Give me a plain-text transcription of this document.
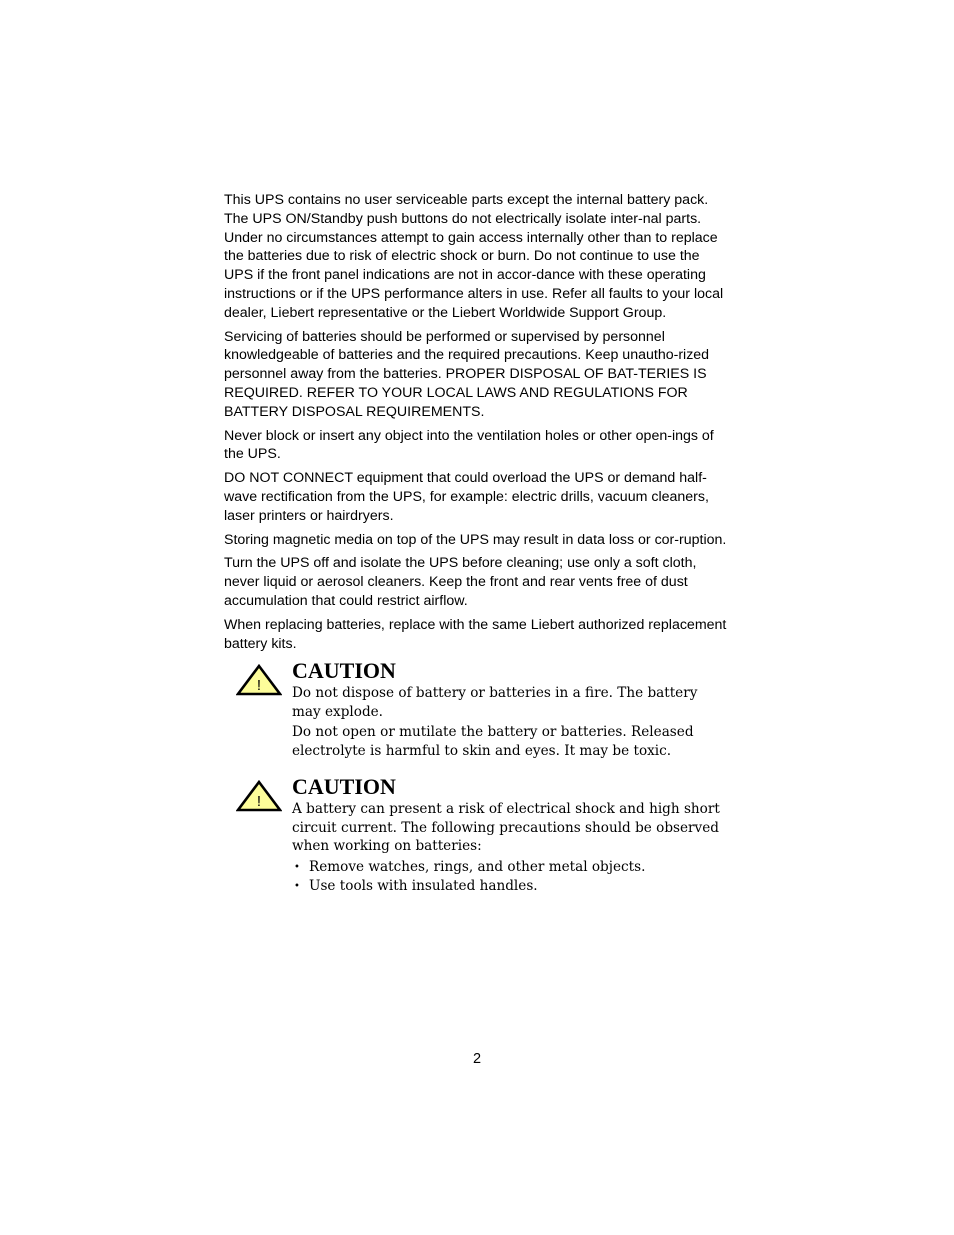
This UPS contains no user serviceable parts except the internal battery pack. The UPS ON/Standby push buttons do not electrically isolate inter-nal parts. Under no circumstances attempt to gain access internally other than to replace the batteries due to risk of electric shock or burn. Do not continue to use the UPS if the front panel indications are not in accor-dance with these operating instructions or if the UPS performance alters in use. Refer all faults to your local dealer, Liebert representative or the Liebert Worldwide Support Group.

Servicing of batteries should be performed or supervised by personnel knowledgeable of batteries and the required precautions. Keep unautho-rized personnel away from the batteries. PROPER DISPOSAL OF BAT-TERIES IS REQUIRED. REFER TO YOUR LOCAL LAWS AND REGULATIONS FOR BATTERY DISPOSAL REQUIREMENTS.

Never block or insert any object into the ventilation holes or other open-ings of the UPS.

DO NOT CONNECT equipment that could overload the UPS or demand half-wave rectification from the UPS, for example: electric drills, vacuum cleaners, laser printers or hairdryers.

Storing magnetic media on top of the UPS may result in data loss or cor-ruption.

Turn the UPS off and isolate the UPS before cleaning; use only a soft cloth, never liquid or aerosol cleaners. Keep the front and rear vents free of dust accumulation that could restrict airflow.

When replacing batteries, replace with the same Liebert authorized replacement battery kits.

!
CAUTION

Do not dispose of battery or batteries in a fire. The battery may explode.

Do not open or mutilate the battery or batteries. Released electrolyte is harmful to skin and eyes. It may be toxic.

!
CAUTION

A battery can present a risk of electrical shock and high short circuit current. The following precautions should be observed when working on batteries:

• Remove watches, rings, and other metal objects.
• Use tools with insulated handles.
2
